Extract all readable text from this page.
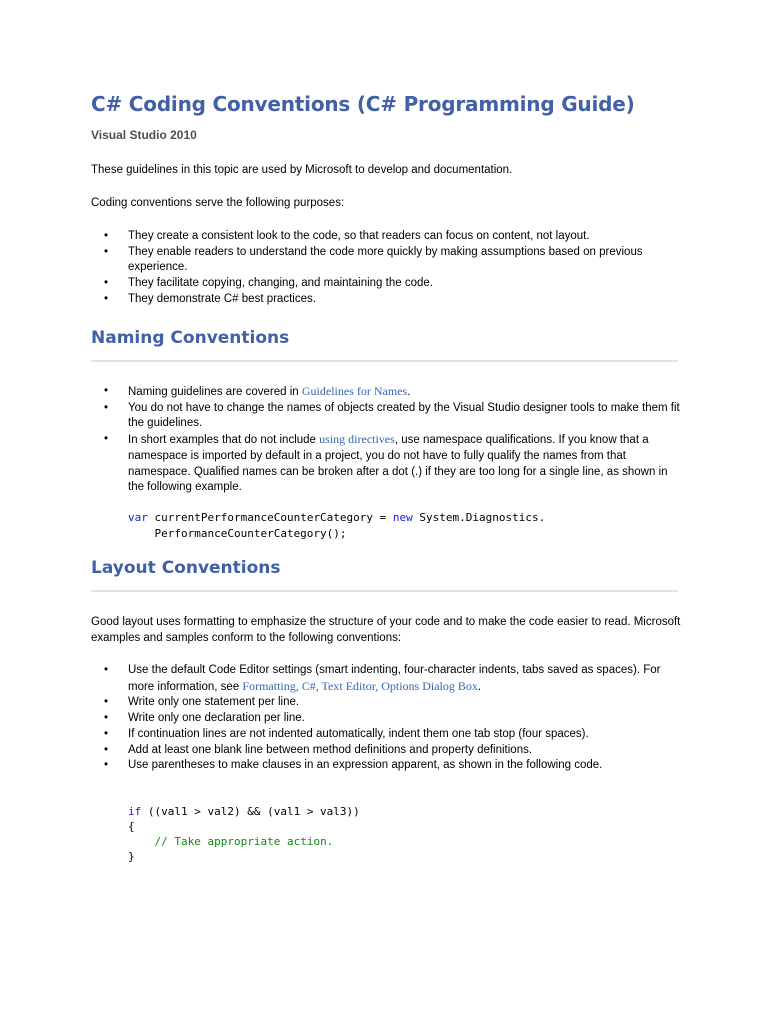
C# Coding Conventions (C# Programming Guide)
Visual Studio 2010
These guidelines in this topic are used by Microsoft to develop and documentation.
Coding conventions serve the following purposes:
• They create a consistent look to the code, so that readers can focus on content, not layout.
• They enable readers to understand the code more quickly by making assumptions based on previous experience.
• They facilitate copying, changing, and maintaining the code.
• They demonstrate C# best practices.
Naming Conventions
• Naming guidelines are covered in Guidelines for Names.
• You do not have to change the names of objects created by the Visual Studio designer tools to make them fit the guidelines.
• In short examples that do not include using directives, use namespace qualifications. If you know that a namespace is imported by default in a project, you do not have to fully qualify the names from that namespace. Qualified names can be broken after a dot (.) if they are too long for a single line, as shown in the following example.
var currentPerformanceCounterCategory = new System.Diagnostics.
PerformanceCounterCategory();
Layout Conventions
Good layout uses formatting to emphasize the structure of your code and to make the code easier to read. Microsoft examples and samples conform to the following conventions:
• Use the default Code Editor settings (smart indenting, four-character indents, tabs saved as spaces). For more information, see Formatting, C#, Text Editor, Options Dialog Box.
• Write only one statement per line.
• Write only one declaration per line.
• If continuation lines are not indented automatically, indent them one tab stop (four spaces).
• Add at least one blank line between method definitions and property definitions.
• Use parentheses to make clauses in an expression apparent, as shown in the following code.
if ((val1 > val2) && (val1 > val3))
{
// Take appropriate action.
}
